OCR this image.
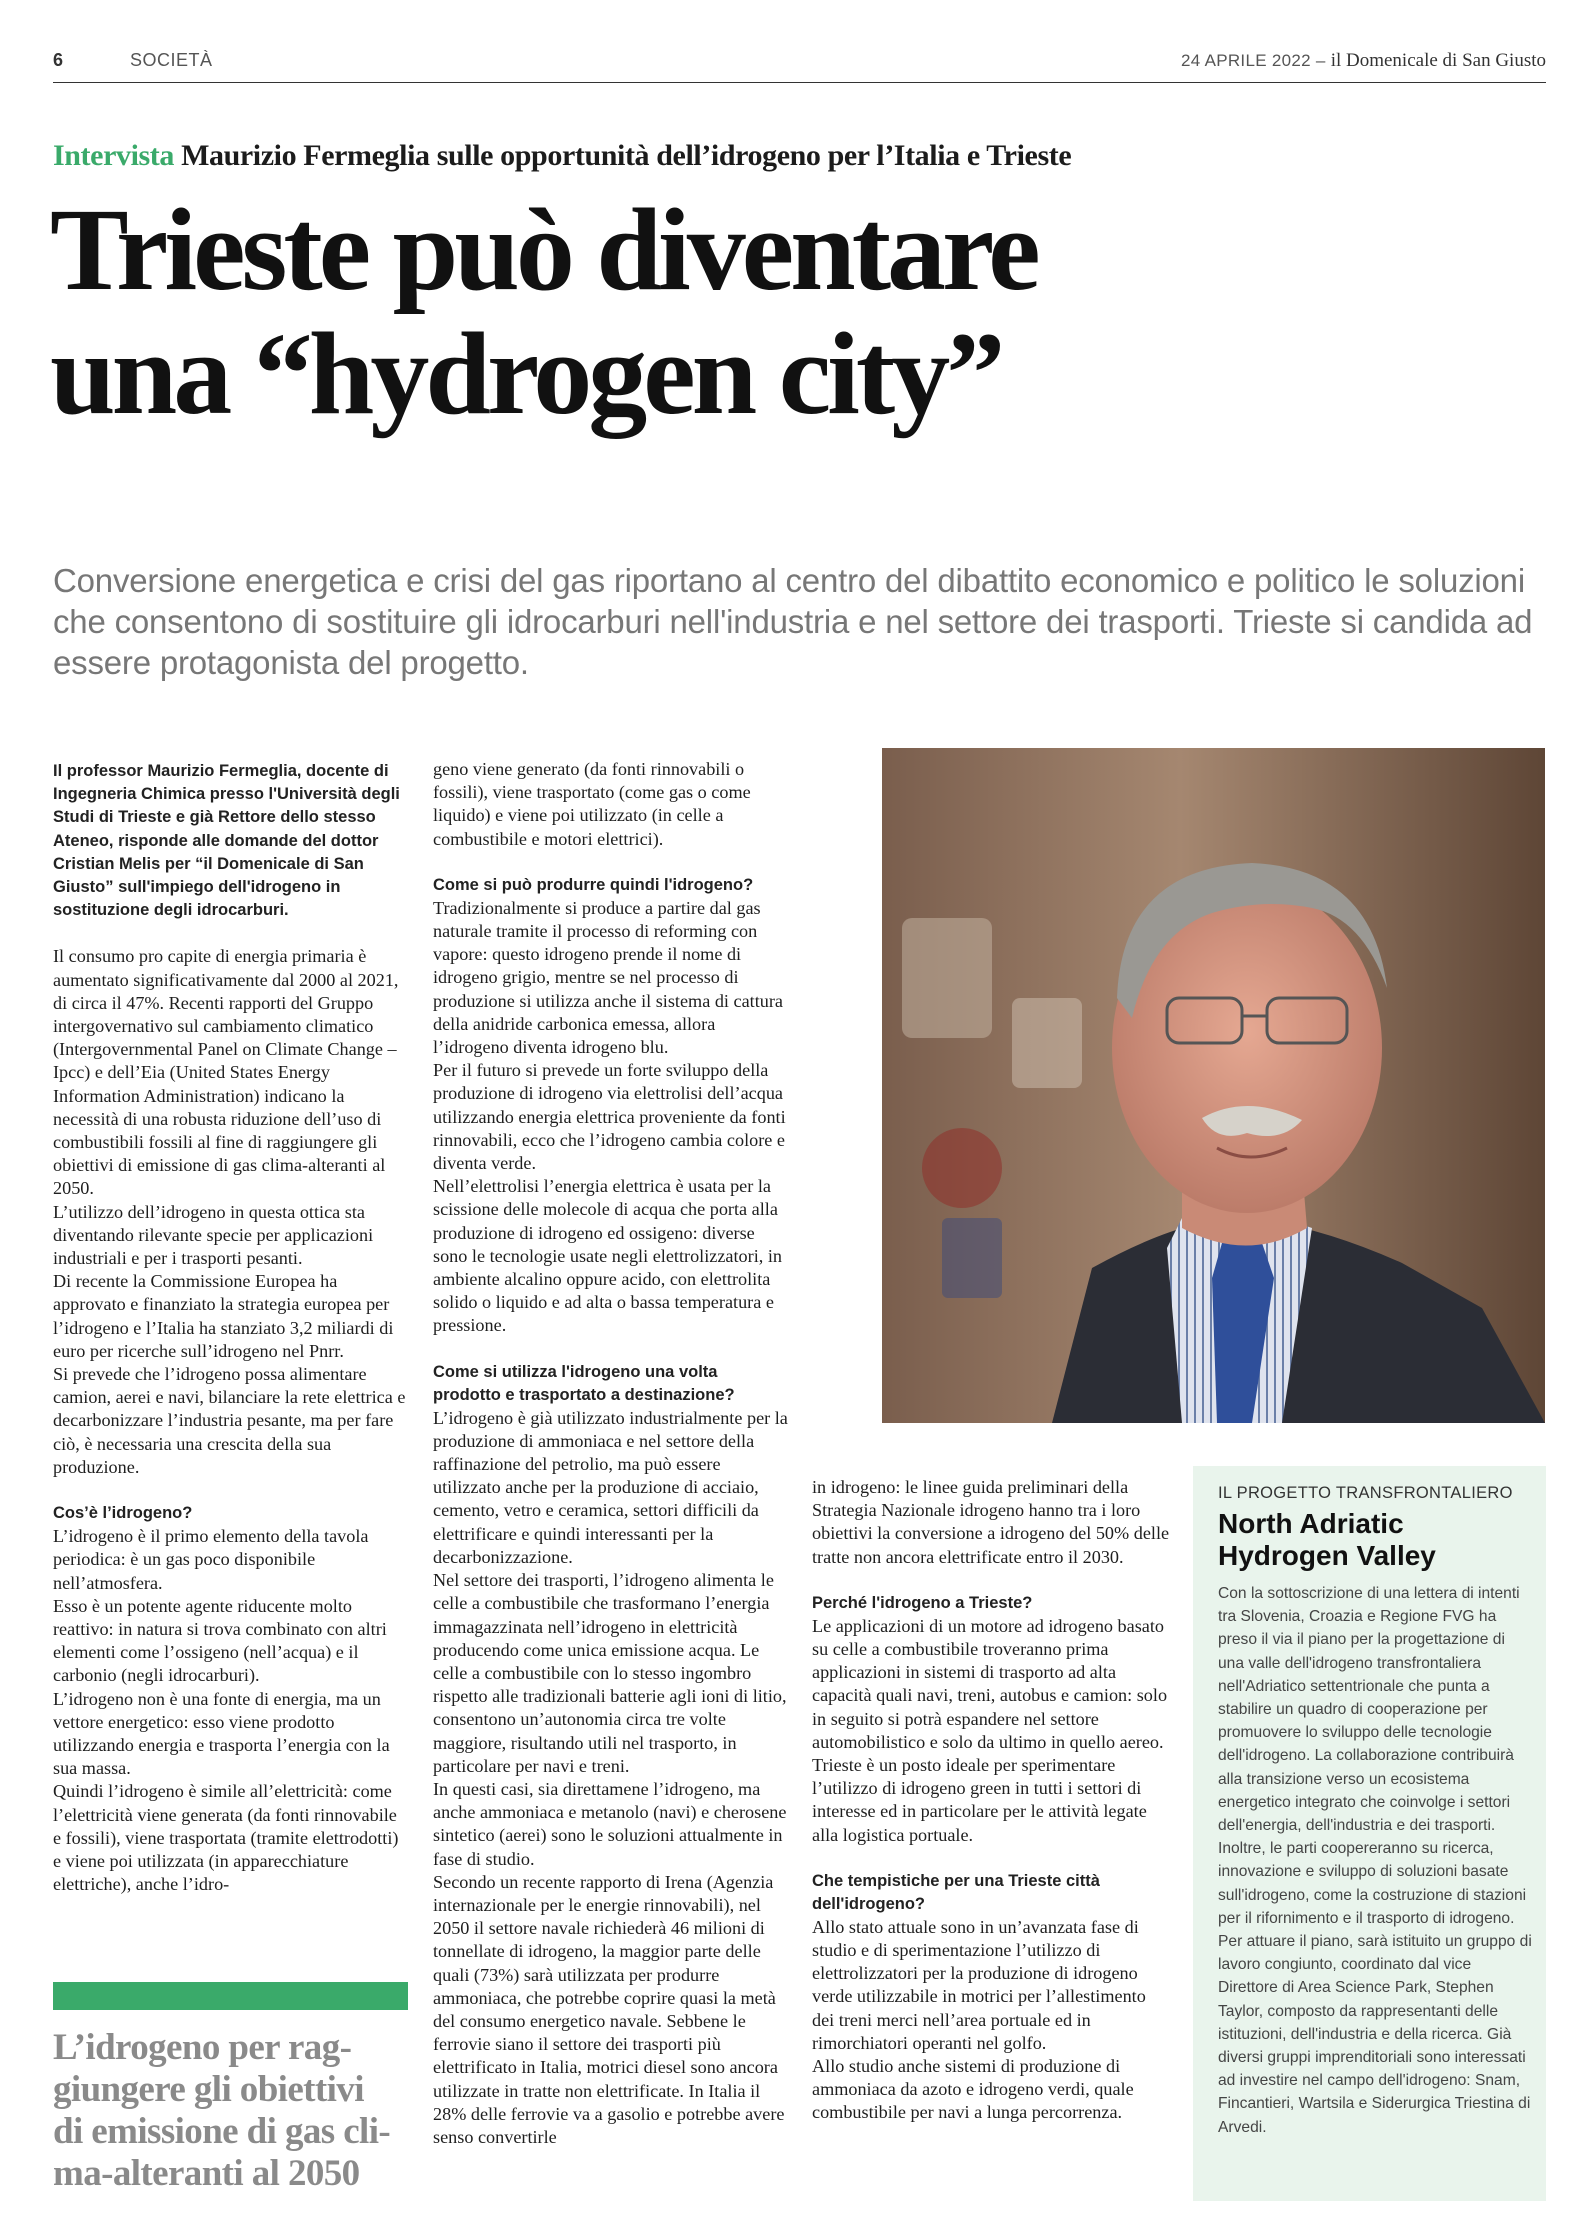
6	SOCIETÀ	24 APRILE 2022 – il Domenicale di San Giusto
Intervista Maurizio Fermeglia sulle opportunità dell’idrogeno per l’Italia e Trieste
Trieste può diventare
una “hydrogen city”

Conversione energetica e crisi del gas riportano al centro del dibattito economico e politico le soluzioni che consentono di sostituire gli idrocarburi nell'industria e nel settore dei trasporti. Trieste si candida ad essere protagonista del progetto.

Il professor Maurizio Fermeglia, docente di Ingegneria Chimica presso l'Università degli Studi di Trieste e già Rettore dello stesso Ateneo, risponde alle domande del dottor Cristian Melis per “il Domenicale di San Giusto” sull'impiego dell'idrogeno in sostituzione degli idrocarburi.

Il consumo pro capite di energia primaria è aumentato significativamente dal 2000 al 2021, di circa il 47%. Recenti rapporti del Gruppo intergovernativo sul cambiamento climatico (Intergovernmental Panel on Climate Change – Ipcc) e dell’Eia (United States Energy Information Administration) indicano la necessità di una robusta riduzione dell’uso di combustibili fossili al fine di raggiungere gli obiettivi di emissione di gas clima-alteranti al 2050.

L’utilizzo dell’idrogeno in questa ottica sta diventando rilevante specie per applicazioni industriali e per i trasporti pesanti.

Di recente la Commissione Europea ha approvato e finanziato la strategia europea per l’idrogeno e l’Italia ha stanziato 3,2 miliardi di euro per ricerche sull’idrogeno nel Pnrr.

Si prevede che l’idrogeno possa alimentare camion, aerei e navi, bilanciare la rete elettrica e decarbonizzare l’industria pesante, ma per fare ciò, è necessaria una crescita della sua produzione.

Cos’è l’idrogeno?

L’idrogeno è il primo elemento della tavola periodica: è un gas poco disponibile nell’atmosfera.

Esso è un potente agente riducente molto reattivo: in natura si trova combinato con altri elementi come l’ossigeno (nell’acqua) e il carbonio (negli idrocarburi).

L’idrogeno non è una fonte di energia, ma un vettore energetico: esso viene prodotto utilizzando energia e trasporta l’energia con la sua massa.

Quindi l’idrogeno è simile all’elettricità: come l’elettricità viene generata (da fonti rinnovabile e fossili), viene trasportata (tramite elettrodotti) e viene poi utilizzata (in apparecchiature elettriche), anche l’idro-

L’idrogeno per rag-
giungere gli obiettivi
di emissione di gas cli-
ma-alteranti al 2050

geno viene generato (da fonti rinnovabili o fossili), viene trasportato (come gas o come liquido) e viene poi utilizzato (in celle a combustibile e motori elettrici).

Come si può produrre quindi l'idrogeno?

Tradizionalmente si produce a partire dal gas naturale tramite il processo di reforming con vapore: questo idrogeno prende il nome di idrogeno grigio, mentre se nel processo di produzione si utilizza anche il sistema di cattura della anidride carbonica emessa, allora l’idrogeno diventa idrogeno blu.

Per il futuro si prevede un forte sviluppo della produzione di idrogeno via elettrolisi dell’acqua utilizzando energia elettrica proveniente da fonti rinnovabili, ecco che l’idrogeno cambia colore e diventa verde.

Nell’elettrolisi l’energia elettrica è usata per la scissione delle molecole di acqua che porta alla produzione di idrogeno ed ossigeno: diverse sono le tecnologie usate negli elettrolizzatori, in ambiente alcalino oppure acido, con elettrolita solido o liquido e ad alta o bassa temperatura e pressione.

Come si utilizza l'idrogeno una volta prodotto e trasportato a destinazione?

L’idrogeno è già utilizzato industrialmente per la produzione di ammoniaca e nel settore della raffinazione del petrolio, ma può essere utilizzato anche per la produzione di acciaio, cemento, vetro e ceramica, settori difficili da elettrificare e quindi interessanti per la decarbonizzazione.

Nel settore dei trasporti, l’idrogeno alimenta le celle a combustibile che trasformano l’energia immagazzinata nell’idrogeno in elettricità producendo come unica emissione acqua. Le celle a combustibile con lo stesso ingombro rispetto alle tradizionali batterie agli ioni di litio, consentono un’autonomia circa tre volte maggiore, risultando utili nel trasporto, in particolare per navi e treni.

In questi casi, sia direttamene l’idrogeno, ma anche ammoniaca e metanolo (navi) e cherosene sintetico (aerei) sono le soluzioni attualmente in fase di studio.

Secondo un recente rapporto di Irena (Agenzia internazionale per le energie rinnovabili), nel 2050 il settore navale richiederà 46 milioni di tonnellate di idrogeno, la maggior parte delle quali (73%) sarà utilizzata per produrre ammoniaca, che potrebbe coprire quasi la metà del consumo energetico navale. Sebbene le ferrovie siano il settore dei trasporti più elettrificato in Italia, motrici diesel sono ancora utilizzate in tratte non elettrificate. In Italia il 28% delle ferrovie va a gasolio e potrebbe avere senso convertirle

in idrogeno: le linee guida preliminari della Strategia Nazionale idrogeno hanno tra i loro obiettivi la conversione a idrogeno del 50% delle tratte non ancora elettrificate entro il 2030.

Perché l'idrogeno a Trieste?

Le applicazioni di un motore ad idrogeno basato su celle a combustibile troveranno prima applicazioni in sistemi di trasporto ad alta capacità quali navi, treni, autobus e camion: solo in seguito si potrà espandere nel settore automobilistico e solo da ultimo in quello aereo.

Trieste è un posto ideale per sperimentare l’utilizzo di idrogeno green in tutti i settori di interesse ed in particolare per le attività legate alla logistica portuale.

Che tempistiche per una Trieste città dell'idrogeno?

Allo stato attuale sono in un’avanzata fase di studio e di sperimentazione l’utilizzo di elettrolizzatori per la produzione di idrogeno verde utilizzabile in motrici per l’allestimento dei treni merci nell’area portuale ed in rimorchiatori operanti nel golfo.

Allo studio anche sistemi di produzione di ammoniaca da azoto e idrogeno verdi, quale combustibile per navi a lunga percorrenza.

IL PROGETTO TRANSFRONTALIERO
North Adriatic
Hydrogen Valley

Con la sottoscrizione di una lettera di intenti tra Slovenia, Croazia e Regione FVG ha preso il via il piano per la progettazione di una valle dell'idrogeno transfrontaliera nell'Adriatico settentrionale che punta a stabilire un quadro di cooperazione per promuovere lo sviluppo delle tecnologie dell'idrogeno. La collaborazione contribuirà alla transizione verso un ecosistema energetico integrato che coinvolge i settori dell'energia, dell'industria e dei trasporti. Inoltre, le parti coopereranno su ricerca, innovazione e sviluppo di soluzioni basate sull'idrogeno, come la costruzione di stazioni per il rifornimento e il trasporto di idrogeno. Per attuare il piano, sarà istituito un gruppo di lavoro congiunto, coordinato dal vice Direttore di Area Science Park, Stephen Taylor, composto da rappresentanti delle istituzioni, dell'industria e della ricerca. Già diversi gruppi imprenditoriali sono interessati ad investire nel campo dell'idrogeno: Snam, Fincantieri, Wartsila e Siderurgica Triestina di Arvedi.
